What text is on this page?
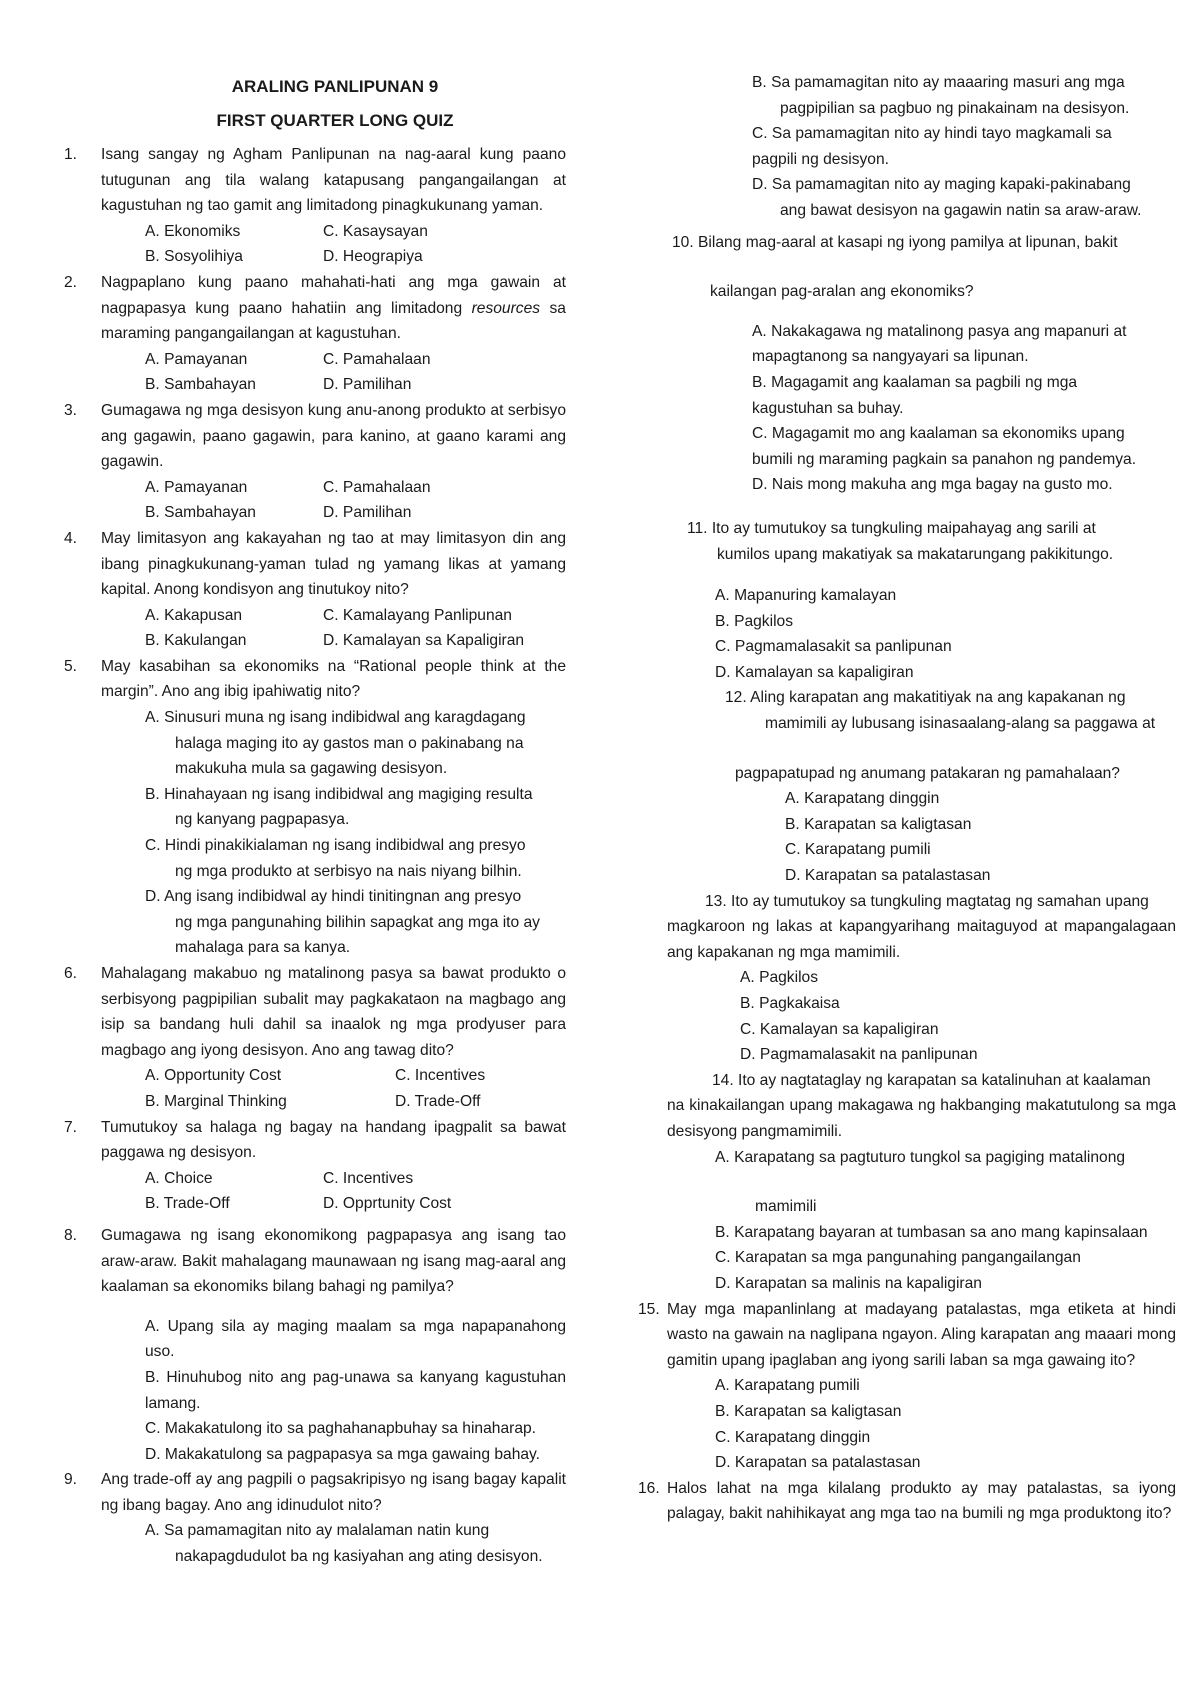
ARALING PANLIPUNAN 9
FIRST QUARTER LONG QUIZ
1.	Isang sangay ng Agham Panlipunan na nag-aaral kung paano tutugunan ang tila walang katapusang pangangailangan at kagustuhan ng tao gamit ang limitadong pinagkukunang yaman.
A. Ekonomiks	C. Kasaysayan
B. Sosyolihiya	D. Heograpiya
2.	Nagpaplano kung paano mahahati-hati ang mga gawain at nagpapasya kung paano hahatiin ang limitadong resources sa maraming pangangailangan at kagustuhan.
A. Pamayanan	C. Pamahalaan
B. Sambahayan	D. Pamilihan
3.	Gumagawa ng mga desisyon kung anu-anong produkto at serbisyo ang gagawin, paano gagawin, para kanino, at gaano karami ang gagawin.
A. Pamayanan	C. Pamahalaan
B. Sambahayan	D. Pamilihan
4.	May limitasyon ang kakayahan ng tao at may limitasyon din ang ibang pinagkukunang-yaman tulad ng yamang likas at yamang kapital. Anong kondisyon ang tinutukoy nito?
A. Kakapusan	C. Kamalayang Panlipunan
B. Kakulangan	D. Kamalayan sa Kapaligiran
5.	May kasabihan sa ekonomiks na “Rational people think at the margin”. Ano ang ibig ipahiwatig nito?
A. Sinusuri muna ng isang indibidwal ang karagdagang
halaga maging ito ay gastos man o pakinabang na
makukuha mula sa gagawing desisyon.
B. Hinahayaan ng isang indibidwal ang magiging resulta
ng kanyang pagpapasya.
C. Hindi pinakikialaman ng isang indibidwal ang presyo
ng mga produkto at serbisyo na nais niyang bilhin.
D. Ang isang indibidwal ay hindi tinitingnan ang presyo
ng mga pangunahing bilihin sapagkat ang mga ito ay
mahalaga para sa kanya.
6.	Mahalagang makabuo ng matalinong pasya sa bawat produkto o serbisyong pagpipilian subalit may pagkakataon na magbago ang isip sa bandang huli dahil sa inaalok ng mga prodyuser para magbago ang iyong desisyon. Ano ang tawag dito?
A. Opportunity Cost	C. Incentives
B. Marginal Thinking	D. Trade-Off
7.	Tumutukoy sa halaga ng bagay na handang ipagpalit sa bawat paggawa ng desisyon.
A. Choice	C. Incentives
B. Trade-Off	D. Opprtunity Cost
8.	Gumagawa ng isang ekonomikong pagpapasya ang isang tao araw-araw. Bakit mahalagang maunawaan ng isang mag-aaral ang kaalaman sa ekonomiks bilang bahagi ng pamilya?
A. Upang sila ay maging maalam sa mga napapanahong uso.
B. Hinuhubog nito ang pag-unawa sa kanyang kagustuhan lamang.
C. Makakatulong ito sa paghahanapbuhay sa hinaharap.
D. Makakatulong sa pagpapasya sa mga gawaing bahay.
9.	Ang trade-off ay ang pagpili o pagsakripisyo ng isang bagay kapalit ng ibang bagay. Ano ang idinudulot nito?
A. Sa pamamagitan nito ay malalaman natin kung
nakapagdudulot ba ng kasiyahan ang ating desisyon.
B. Sa pamamagitan nito ay maaaring masuri ang mga
pagpipilian sa pagbuo ng pinakainam na desisyon.
C. Sa pamamagitan nito ay hindi tayo magkamali sa
pagpili ng desisyon.
D. Sa pamamagitan nito ay maging kapaki-pakinabang
ang bawat desisyon na gagawin natin sa araw-araw.
10. Bilang mag-aaral at kasapi ng iyong pamilya at lipunan, bakit
kailangan pag-aralan ang ekonomiks?
A. Nakakagawa ng matalinong pasya ang mapanuri at
mapagtanong sa nangyayari sa lipunan.
B. Magagamit ang kaalaman sa pagbili ng mga
kagustuhan sa buhay.
C. Magagamit mo ang kaalaman sa ekonomiks upang
bumili ng maraming pagkain sa panahon ng pandemya.
D. Nais mong makuha ang mga bagay na gusto mo.
11. Ito ay tumutukoy sa tungkuling maipahayag ang sarili at
kumilos upang makatiyak sa makatarungang pakikitungo.
A. Mapanuring kamalayan
B. Pagkilos
C. Pagmamalasakit sa panlipunan
D. Kamalayan sa kapaligiran
12. Aling karapatan ang makatitiyak na ang kapakanan ng
mamimili ay lubusang isinasaalang-alang sa paggawa at
pagpapatupad ng anumang patakaran ng pamahalaan?
A. Karapatang dinggin
B. Karapatan sa kaligtasan
C. Karapatang pumili
D. Karapatan sa patalastasan
13. Ito ay tumutukoy sa tungkuling magtatag ng samahan upang
magkaroon ng lakas at kapangyarihang maitaguyod at mapangalagaan ang kapakanan ng mga mamimili.
A. Pagkilos
B. Pagkakaisa
C. Kamalayan sa kapaligiran
D. Pagmamalasakit na panlipunan
14. Ito ay nagtataglay ng karapatan sa katalinuhan at kaalaman
na kinakailangan upang makagawa ng hakbanging makatutulong sa mga desisyong pangmamimili.
A. Karapatang sa pagtuturo tungkol sa pagiging matalinong
mamimili
B. Karapatang bayaran at tumbasan sa ano mang kapinsalaan
C. Karapatan sa mga pangunahing pangangailangan
D. Karapatan sa malinis na kapaligiran
15. May mga mapanlinlang at madayang patalastas, mga etiketa at hindi wasto na gawain na naglipana ngayon. Aling karapatan ang maaari mong gamitin upang ipaglaban ang iyong sarili laban sa mga gawaing ito?
A. Karapatang pumili
B. Karapatan sa kaligtasan
C. Karapatang dinggin
D. Karapatan sa patalastasan
16. Halos lahat na mga kilalang produkto ay may patalastas, sa iyong palagay, bakit nahihikayat ang mga tao na bumili ng mga produktong ito?
